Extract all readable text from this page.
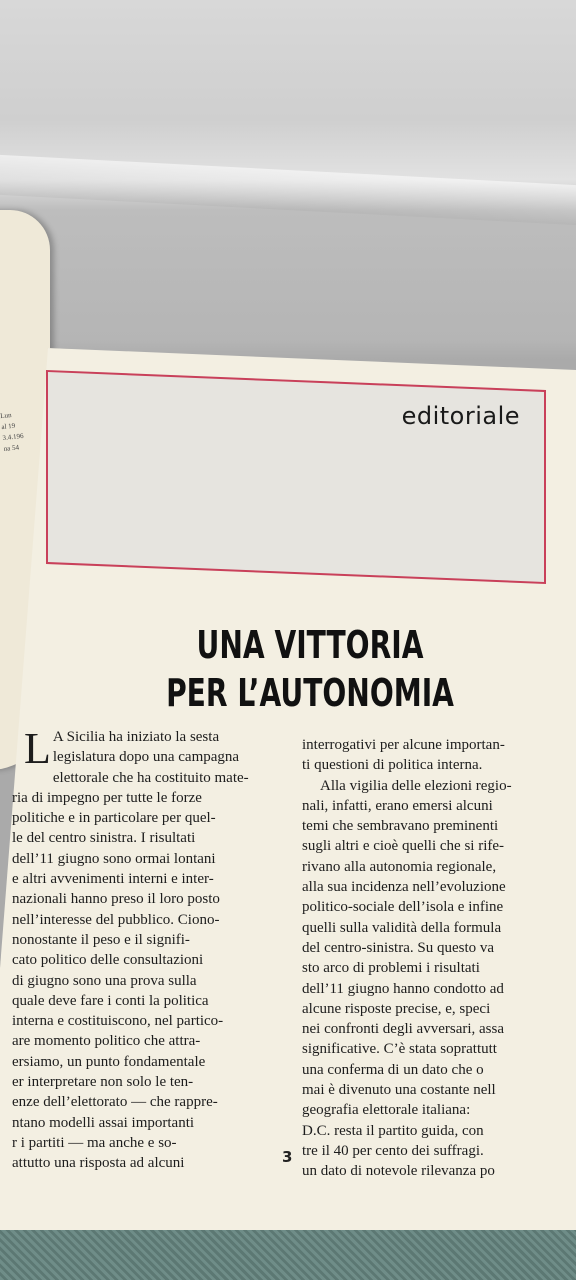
Lun
al 19
3.4.196
na 54
editoriale
UNA VITTORIA
PER L’AUTONOMIA
L A Sicilia ha iniziato la sesta
legislatura dopo una campagna
elettorale che ha costituito mate-
ria di impegno per tutte le forze
politiche e in particolare per quel-
le del centro sinistra. I risultati
dell’11 giugno sono ormai lontani
e altri avvenimenti interni e inter-
nazionali hanno preso il loro posto
nell’interesse del pubblico. Ciono-
nonostante il peso e il signifi-
cato politico delle consultazioni
di giugno sono una prova sulla
quale deve fare i conti la politica
interna e costituiscono, nel partico-
are momento politico che attra-
ersiamo, un punto fondamentale
er interpretare non solo le ten-
enze dell’elettorato — che rappre-
ntano modelli assai importanti
r i partiti — ma anche e so-
attutto una risposta ad alcuni
interrogativi per alcune importan-
ti questioni di politica interna.
Alla vigilia delle elezioni regio-
nali, infatti, erano emersi alcuni
temi che sembravano preminenti
sugli altri e cioè quelli che si rife-
rivano alla autonomia regionale,
alla sua incidenza nell’evoluzione
politico-sociale dell’isola e infine
quelli sulla validità della formula
del centro-sinistra. Su questo va
sto arco di problemi i risultati
dell’11 giugno hanno condotto ad
alcune risposte precise, e, speci
nei confronti degli avversari, assa
significative. C’è stata soprattutt
una conferma di un dato che o
mai è divenuto una costante nell
geografia elettorale italiana:
D.C. resta il partito guida, con
tre il 40 per cento dei suffragi.
un dato di notevole rilevanza po
3
